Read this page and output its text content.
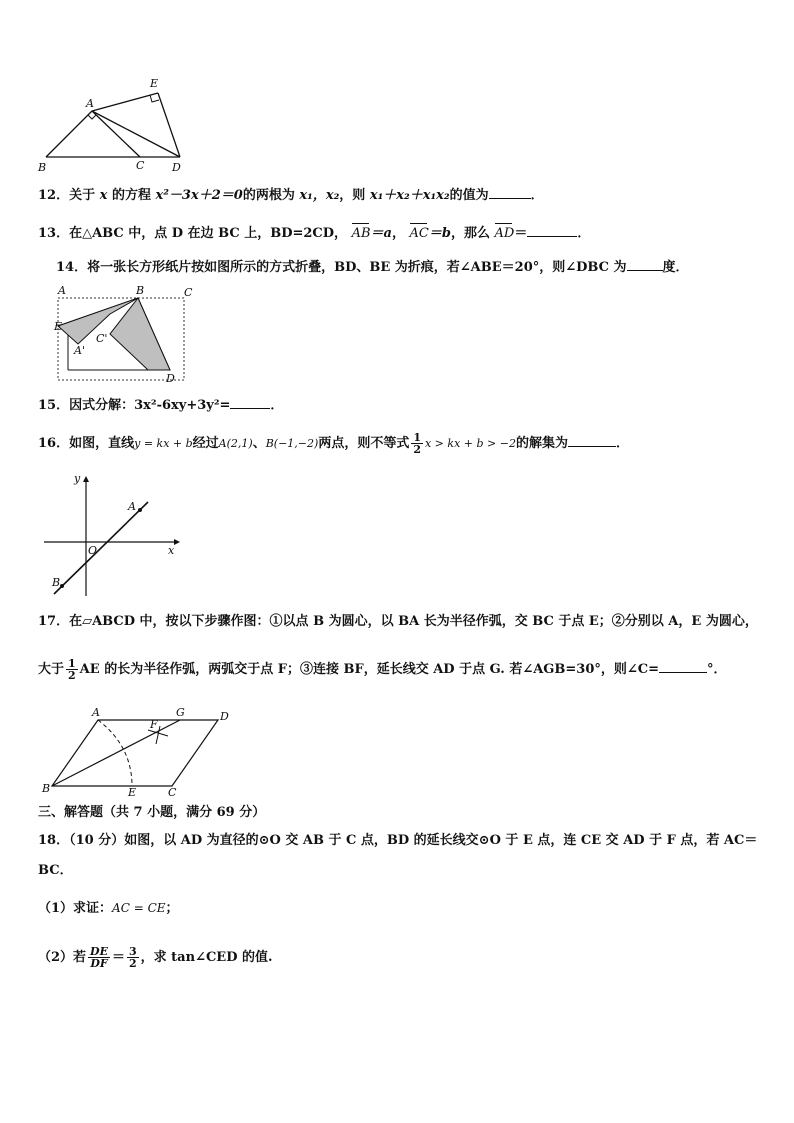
A
E
B	C	D
12．关于 x 的方程 x²－3x＋2＝0的两根为 x₁，x₂，则 x₁＋x₂＋x₁x₂的值为	．
13．在△ABC 中，点 D 在边 BC 上，BD=2CD， AB＝a， AC＝b，那么 AD＝	．
14．将一张长方形纸片按如图所示的方式折叠，BD、BE 为折痕，若∠ABE＝20°，则∠DBC 为	度．
A	B	C
E
C'
A'
D
15．因式分解：3x²-6xy+3y²=	．
16．如图，直线y = kx + b经过A(2,1)、B(−1,−2)两点，则不等式 $\frac{1}{2}$ x > kx + b > −2的解集为	．
y
x
O
A
B
17．在▱ABCD 中，按以下步骤作图：①以点 B 为圆心，以 BA 长为半径作弧，交 BC 于点 E；②分别以 A，E 为圆心，
大于 $\frac{1}{2}$ AE 的长为半径作弧，两弧交于点 F；③连接 BF，延长线交 AD 于点 G. 若∠AGB=30°，则∠C=	°．
A	G	D
F
B	E	C
三、解答题（共 7 小题，满分 69 分）
18．（10 分）如图，以 AD 为直径的⊙O 交 AB 于 C 点，BD 的延长线交⊙O 于 E 点，连 CE 交 AD 于 F 点，若 AC＝
BC．
（1）求证：AC = CE；
（2）若 $\frac{DE}{DF} = \frac{3}{2}$ ，求 tan∠CED 的值.
